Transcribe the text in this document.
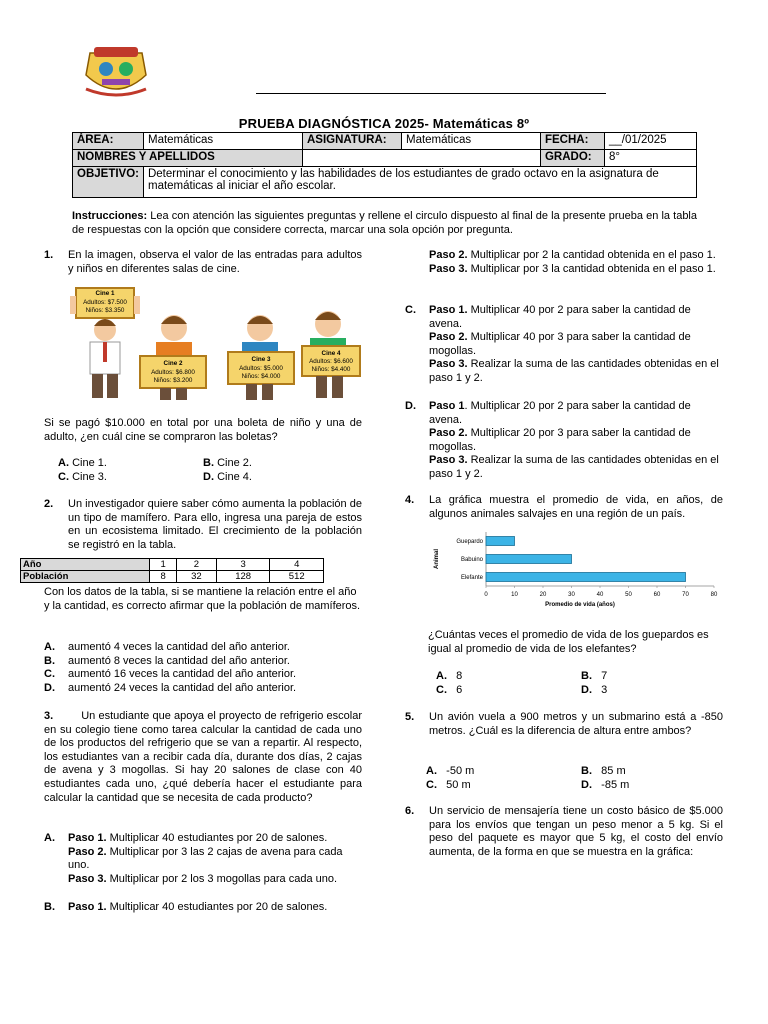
PRUEBA DIAGNÓSTICA 2025- Matemáticas 8º
ÁREA:	Matemáticas	ASIGNATURA:	Matemáticas	FECHA:	__/01/2025
NOMBRES Y APELLIDOS				GRADO:	8°
OBJETIVO:	Determinar el conocimiento y las habilidades de los estudiantes de grado octavo en la asignatura de matemáticas al iniciar el año escolar.				
Instrucciones: Lea con atención las siguientes preguntas y rellene el circulo dispuesto al final de la presente prueba en la tabla de respuestas con la opción que considere correcta, marcar una sola opción por pregunta.
1.	En la imagen, observa el valor de las entradas para adultos y niños en diferentes salas de cine.
Cine 1
Adultos: $7.500
Niños: $3.350
Cine 2
Adultos: $6.800
Niños: $3.200
Cine 3
Adultos: $5.000
Niños: $4.000
Cine 4
Adultos: $6.600
Niños: $4.400
Si se pagó $10.000 en total por una boleta de niño y una de adulto, ¿en cuál cine se compraron las boletas?
A. Cine 1.	B. Cine 2.
C. Cine 3.	D. Cine 4.
2.	Un investigador quiere saber cómo aumenta la población de un tipo de mamífero. Para ello, ingresa una pareja de estos en un ecosistema limitado. El crecimiento de la población se registró en la tabla.
Año	1	2	3	4
Población	8	32	128	512
Con los datos de la tabla, si se mantiene la relación entre el año y la cantidad, es correcto afirmar que la población de mamíferos.
A.	aumentó 4 veces la cantidad del año anterior.
B.	aumentó 8 veces la cantidad del año anterior.
C.	aumentó 16 veces la cantidad del año anterior.
D.	aumentó 24 veces la cantidad del año anterior.
3.	Un estudiante que apoya el proyecto de refrigerio escolar en su colegio tiene como tarea calcular la cantidad de cada uno de los productos del refrigerio que se van a repartir. Al respecto, los estudiantes van a recibir cada día, durante dos días, 2 cajas de avena y 3 mogollas. Si hay 20 salones de clase con 40 estudiantes cada uno, ¿qué debería hacer el estudiante para calcular la cantidad que se necesita de cada producto?
A.	Paso 1. Multiplicar 40 estudiantes por 20 de salones.
Paso 2. Multiplicar por 3 las 2 cajas de avena para cada uno.
Paso 3. Multiplicar por 2 los 3 mogollas para cada uno.
B.	Paso 1. Multiplicar 40 estudiantes por 20 de salones.
Paso 2. Multiplicar por 2 la cantidad obtenida en el paso 1.
Paso 3. Multiplicar por 3 la cantidad obtenida en el paso 1.
C.	Paso 1. Multiplicar 40 por 2 para saber la cantidad de avena.
Paso 2. Multiplicar 40 por 3 para saber la cantidad de mogollas.
Paso 3. Realizar la suma de las cantidades obtenidas en el paso 1 y 2.
D.	Paso 1. Multiplicar 20 por 2 para saber la cantidad de avena.
Paso 2. Multiplicar 20 por 3 para saber la cantidad de mogollas.
Paso 3. Realizar la suma de las cantidades obtenidas en el paso 1 y 2.
4.	La gráfica muestra el promedio de vida, en años, de algunos animales salvajes en una región de un país.
Guepardo
Babuino
Elefante
0	10	20	30	40	50	60	70	80
Promedio de vida (años)
Animal
¿Cuántas veces el promedio de vida de los guepardos es igual al promedio de vida de los elefantes?
A. 8	B. 7
C. 6	D. 3
5.	Un avión vuela a 900 metros y un submarino está a -850 metros. ¿Cuál es la diferencia de altura entre ambos?
A. -50 m	B. 85 m
C. 50 m	D. -85 m
6.	Un servicio de mensajería tiene un costo básico de $5.000 para los envíos que tengan un peso menor a 5 kg. Si el peso del paquete es mayor que 5 kg, el costo del envío aumenta, de la forma en que se muestra en la gráfica:
